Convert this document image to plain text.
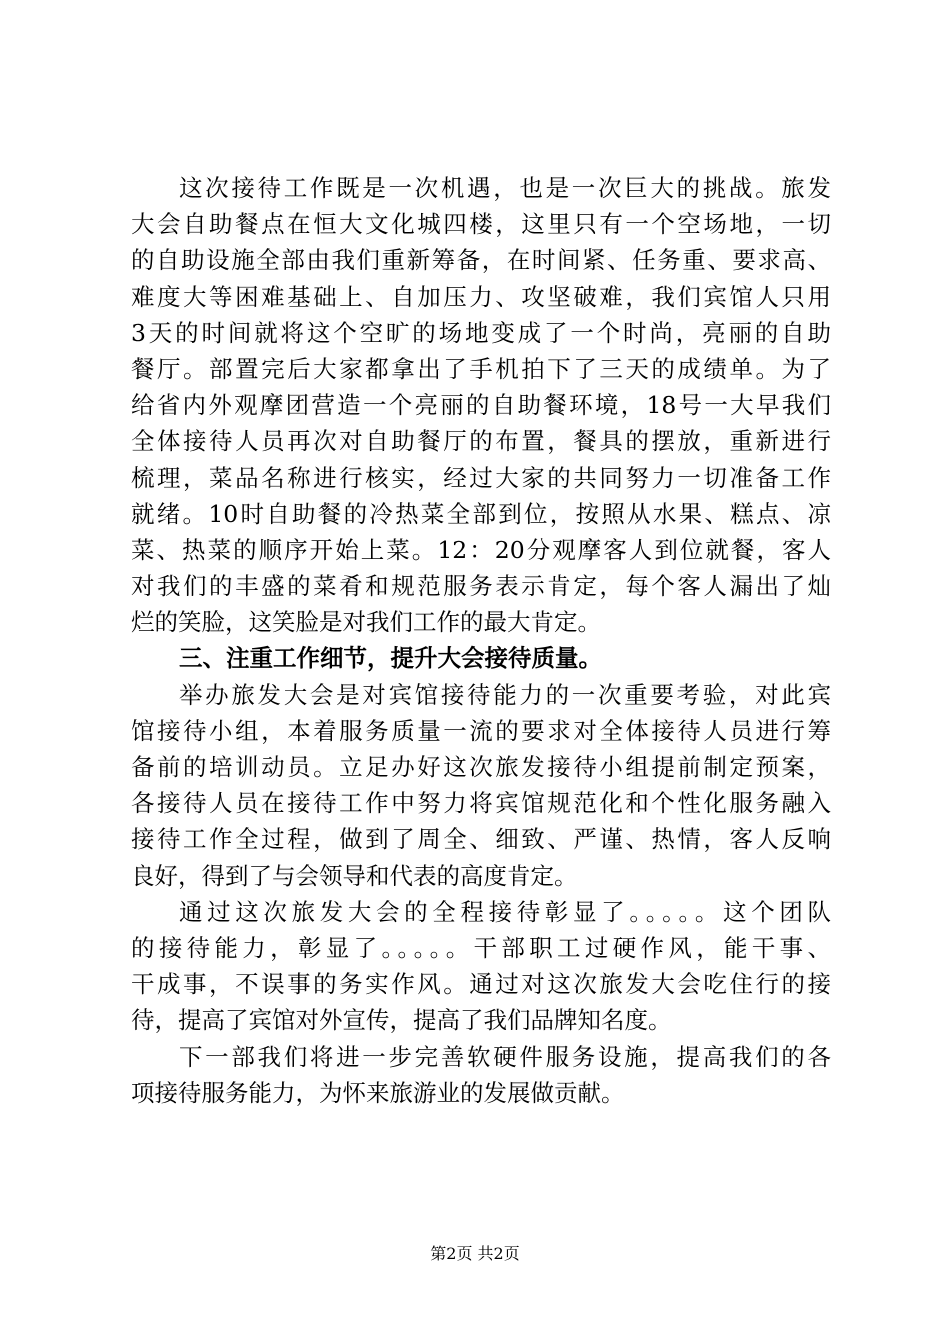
这次接待工作既是一次机遇，也是一次巨大的挑战。旅发
大会自助餐点在恒大文化城四楼，这里只有一个空场地，一切
的自助设施全部由我们重新筹备，在时间紧、任务重、要求高、
难度大等困难基础上、自加压力、攻坚破难，我们宾馆人只用
3天的时间就将这个空旷的场地变成了一个时尚，亮丽的自助
餐厅。部置完后大家都拿出了手机拍下了三天的成绩单。为了
给省内外观摩团营造一个亮丽的自助餐环境，18号一大早我们
全体接待人员再次对自助餐厅的布置，餐具的摆放，重新进行
梳理，菜品名称进行核实，经过大家的共同努力一切准备工作
就绪。10时自助餐的冷热菜全部到位，按照从水果、糕点、凉
菜、热菜的顺序开始上菜。12：20分观摩客人到位就餐，客人
对我们的丰盛的菜肴和规范服务表示肯定，每个客人漏出了灿
烂的笑脸，这笑脸是对我们工作的最大肯定。
三、注重工作细节，提升大会接待质量。
举办旅发大会是对宾馆接待能力的一次重要考验，对此宾
馆接待小组，本着服务质量一流的要求对全体接待人员进行筹
备前的培训动员。立足办好这次旅发接待小组提前制定预案，
各接待人员在接待工作中努力将宾馆规范化和个性化服务融入
接待工作全过程，做到了周全、细致、严谨、热情，客人反响
良好，得到了与会领导和代表的高度肯定。
通过这次旅发大会的全程接待彰显了。。。。。这个团队
的接待能力，彰显了。。。。。干部职工过硬作风，能干事、
干成事，不误事的务实作风。通过对这次旅发大会吃住行的接
待，提高了宾馆对外宣传，提高了我们品牌知名度。
下一部我们将进一步完善软硬件服务设施，提高我们的各
项接待服务能力，为怀来旅游业的发展做贡献。
第2页 共2页
